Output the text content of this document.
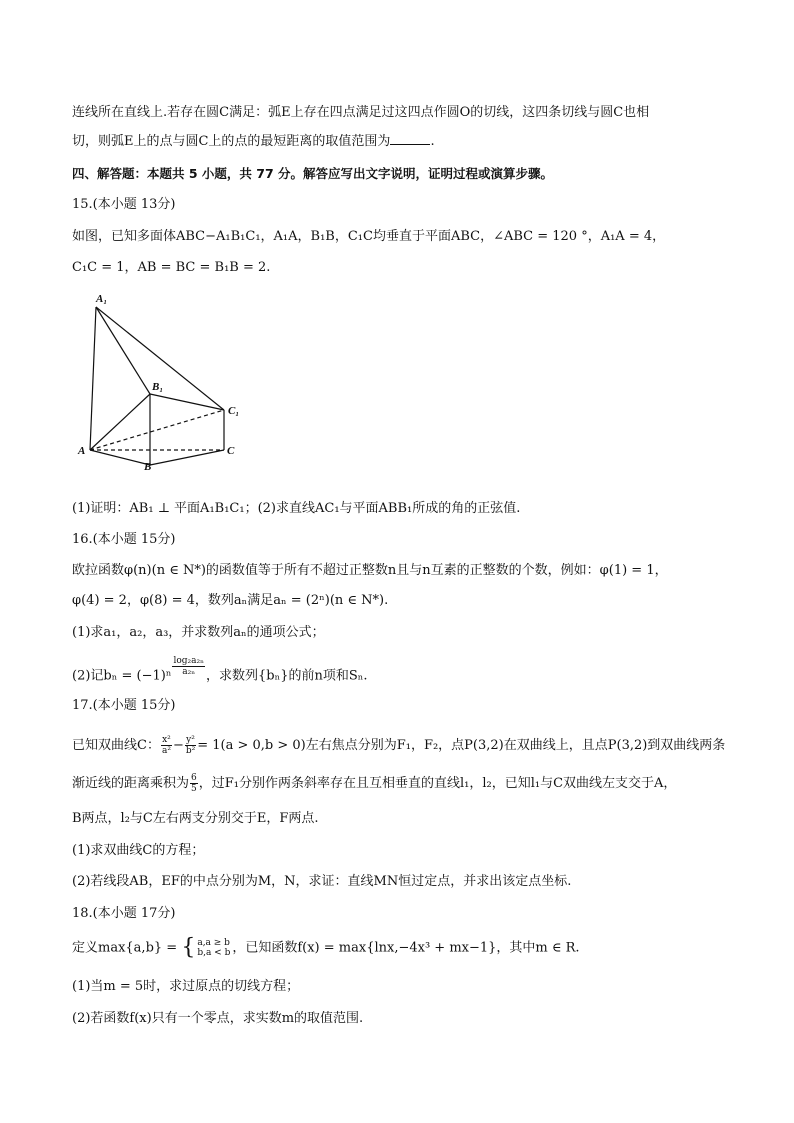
连线所在直线上.若存在圆C满足：弧E上存在四点满足过这四点作圆O的切线，这四条切线与圆C也相
切，则弧E上的点与圆C上的点的最短距离的取值范围为	.
四、解答题：本题共 5 小题，共 77 分。解答应写出文字说明，证明过程或演算步骤。
15.(本小题 13分)
如图，已知多面体ABC−A₁B₁C₁，A₁A，B₁B，C₁C均垂直于平面ABC，∠ABC = 120 °，A₁A = 4，
C₁C = 1，AB = BC = B₁B = 2.
A₁
B₁
C₁
A
B
C
(1)证明：AB₁ ⊥ 平面A₁B₁C₁；(2)求直线AC₁与平面ABB₁所成的角的正弦值.
16.(本小题 15分)
欧拉函数φ(n)(n ∈ N*)的函数值等于所有不超过正整数n且与n互素的正整数的个数，例如：φ(1) = 1，
φ(4) = 2，φ(8) = 4，数列aₙ满足aₙ = (2ⁿ)(n ∈ N*).
(1)求a₁，a₂，a₃，并求数列aₙ的通项公式；
(2)记$b_n = (-1)^n \frac{\text{log₂a₂ₙ}}{\text{a₂ₙ}}$ ，求数列{bₙ}的前n项和Sₙ.
17.(本小题 15分)
已知双曲线C： $\frac{\text{x²}}{\text{a²}} - \frac{\text{y²}}{\text{b²}} = 1(a > 0,b > 0)$左右焦点分别为F₁，F₂，点P(3,2)在双曲线上，且点P(3,2)到双曲线两条
渐近线的距离乘积为 $\frac{6}{5}$ ，过F₁分别作两条斜率存在且互相垂直的直线l₁，l₂，已知l₁与C双曲线左支交于A，
B两点，l₂与C左右两支分别交于E，F两点.
(1)求双曲线C的方程；
(2)若线段AB，EF的中点分别为M，N，求证：直线MN恒过定点，并求出该定点坐标.
18.(本小题 17分)
定义max{a,b} = { a,a ≥ b
b,a < b ，已知函数f(x) = max{lnx,−4x³ + mx−1}，其中m ∈ R.
(1)当m = 5时，求过原点的切线方程；
(2)若函数f(x)只有一个零点，求实数m的取值范围.
